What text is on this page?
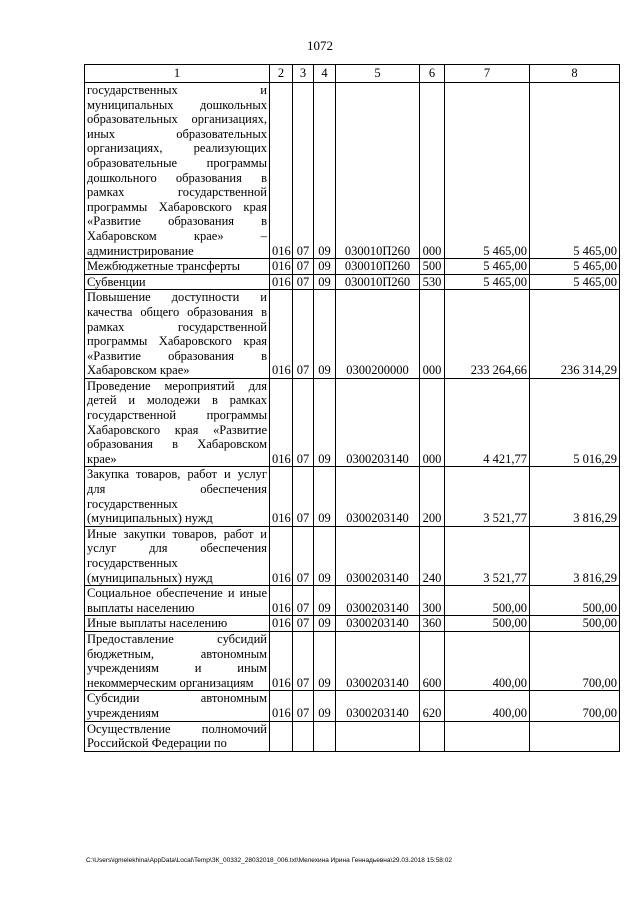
1072
1	2	3	4	5	6	7	8
государственных и муниципальных дошкольных образовательных организациях, иных образовательных организациях, реализующих образовательные программы дошкольного образования в рамках государственной программы Хабаровского края «Развитие образования в Хабаровском крае» – администрирование	016	07	09	030010П260	000	5 465,00	5 465,00
Межбюджетные трансферты	016	07	09	030010П260	500	5 465,00	5 465,00
Субвенции	016	07	09	030010П260	530	5 465,00	5 465,00
Повышение доступности и качества общего образования в рамках государственной программы Хабаровского края «Развитие образования в Хабаровском крае»	016	07	09	0300200000	000	233 264,66	236 314,29
Проведение мероприятий для детей и молодежи в рамках государственной программы Хабаровского края «Развитие образования в Хабаровском крае»	016	07	09	0300203140	000	4 421,77	5 016,29
Закупка товаров, работ и услуг для обеспечения государственных (муниципальных) нужд	016	07	09	0300203140	200	3 521,77	3 816,29
Иные закупки товаров, работ и услуг для обеспечения государственных (муниципальных) нужд	016	07	09	0300203140	240	3 521,77	3 816,29
Социальное обеспечение и иные выплаты населению	016	07	09	0300203140	300	500,00	500,00
Иные выплаты населению	016	07	09	0300203140	360	500,00	500,00
Предоставление субсидий бюджетным, автономным учреждениям и иным некоммерческим организациям	016	07	09	0300203140	600	400,00	700,00
Субсидии автономным учреждениям	016	07	09	0300203140	620	400,00	700,00
Осуществление полномочий Российской Федерации по							
C:\Users\igmelekhina\AppData\Local\Temp\ЗК_00332_28032018_006.txt\Мелехина Ирина Геннадьевна\29.03.2018 15:58:02
